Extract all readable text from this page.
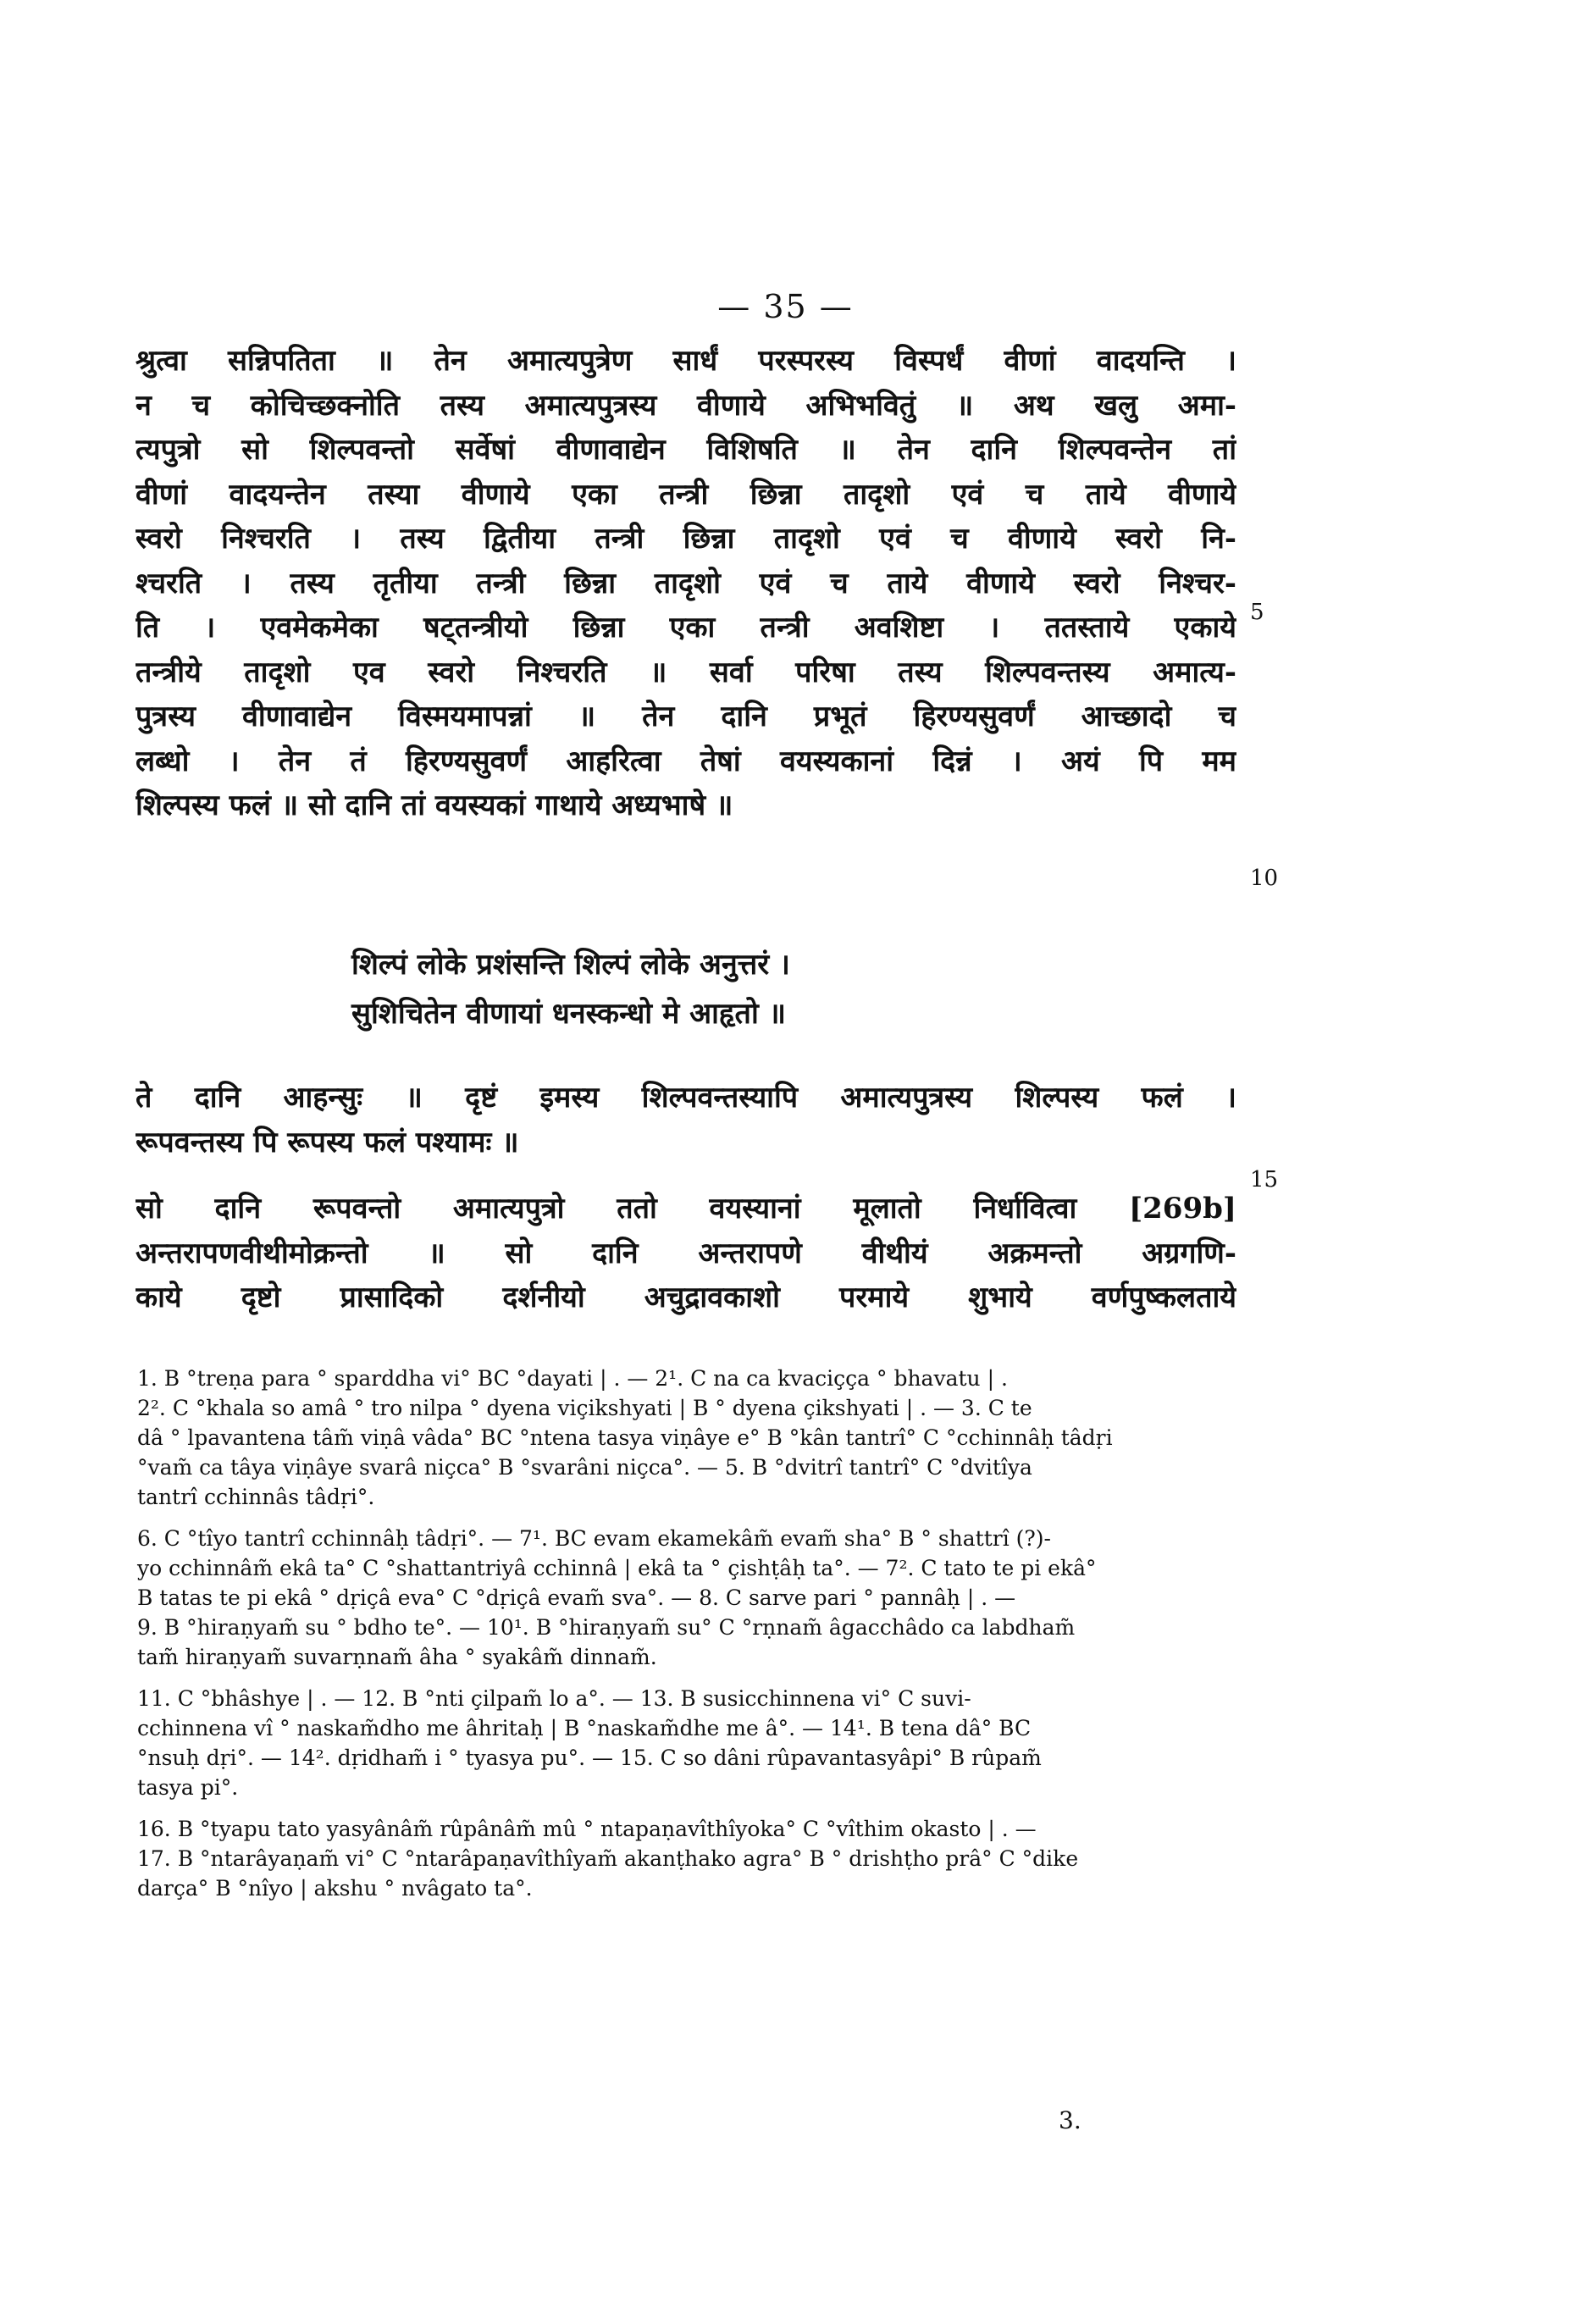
— 35 —
श्रुत्वा सन्निपतिता ॥ तेन अमात्यपुत्रेण सार्धं परस्परस्य विस्पर्धं वीणां वादयन्ति ।
न च कोचिच्छक्नोति तस्य अमात्यपुत्रस्य वीणाये अभिभवितुं ॥ अथ खलु अमा-
त्यपुत्रो सो शिल्पवन्तो सर्वेषां वीणावाद्येन विशिषति ॥ तेन दानि शिल्पवन्तेन तां
वीणां वादयन्तेन तस्या वीणाये एका तन्त्री छिन्ना तादृशो एवं च ताये वीणाये
स्वरो निश्चरति । तस्य द्वितीया तन्त्री छिन्ना तादृशो एवं च वीणाये स्वरो नि-
श्चरति । तस्य तृतीया तन्त्री छिन्ना तादृशो एवं च ताये वीणाये स्वरो निश्चर-
ति । एवमेकमेका षट्तन्त्रीयो छिन्ना एका तन्त्री अवशिष्टा । ततस्ताये एकाये
तन्त्रीये तादृशो एव स्वरो निश्चरति ॥ सर्वा परिषा तस्य शिल्पवन्तस्य अमात्य-
पुत्रस्य वीणावाद्येन विस्मयमापन्नां ॥ तेन दानि प्रभूतं हिरण्यसुवर्णं आच्छादो च
लब्धो । तेन तं हिरण्यसुवर्णं आहरित्वा तेषां वयस्यकानां दिन्नं । अयं पि मम
शिल्पस्य फलं ॥ सो दानि तां वयस्यकां गाथाये अध्यभाषे ॥
5
10
15
शिल्पं लोके प्रशंसन्ति शिल्पं लोके अनुत्तरं ।
सुशिचितेन वीणायां धनस्कन्धो मे आहृतो ॥
ते दानि आहन्सुः ॥ दृष्टं इमस्य शिल्पवन्तस्यापि अमात्यपुत्रस्य शिल्पस्य फलं ।
रूपवन्तस्य पि रूपस्य फलं पश्यामः ॥
सो दानि रूपवन्तो अमात्यपुत्रो ततो वयस्यानां मूलातो निर्धावित्वा [269b]
अन्तरापणवीथीमोक्रन्तो ॥ सो दानि अन्तरापणे वीथीयं अक्रमन्तो अग्रगणि-
काये दृष्टो प्रासादिको दर्शनीयो अचुद्रावकाशो परमाये शुभाये वर्णपुष्कलताये
1. B °treṇa para ° sparddha vi° BC °dayati | . — 2¹. C na ca kvaciçça ° bhavatu | .
2². C °khala so amâ ° tro nilpa ° dyena viçikshyati | B ° dyena çikshyati | . — 3. C te
dâ ° lpavantena tâm̃ viṇâ vâda° BC °ntena tasya viṇâye e° B °kân tantrî° C °cchinnâḥ tâdṛi
°vam̃ ca tâya viṇâye svarâ niçca° B °svarâni niçca°. — 5. B °dvitrî tantrî° C °dvitîya
tantrî cchinnâs tâdṛi°.
6. C °tîyo tantrî cchinnâḥ tâdṛi°. — 7¹. BC evam ekamekâm̃ evam̃ sha° B ° shattrî (?)-
yo cchinnâm̃ ekâ ta° C °shattantriyâ cchinnâ | ekâ ta ° çishṭâḥ ta°. — 7². C tato te pi ekâ°
B tatas te pi ekâ ° dṛiçâ eva° C °dṛiçâ evam̃ sva°. — 8. C sarve pari ° pannâḥ | . —
9. B °hiraṇyam̃ su ° bdho te°. — 10¹. B °hiraṇyam̃ su° C °rṇnam̃ âgacchâdo ca labdham̃
tam̃ hiraṇyam̃ suvarṇnam̃ âha ° syakâm̃ dinnam̃.
11. C °bhâshye | . — 12. B °nti çilpam̃ lo a°. — 13. B susicchinnena vi° C suvi-
cchinnena vî ° naskam̃dho me âhritaḥ | B °naskam̃dhe me â°. — 14¹. B tena dâ° BC
°nsuḥ dṛi°. — 14². dṛidham̃ i ° tyasya pu°. — 15. C so dâni rûpavantasyâpi° B rûpam̃
tasya pi°.
16. B °tyapu tato yasyânâm̃ rûpânâm̃ mû ° ntapaṇavîthîyoka° C °vîthim okasto | . —
17. B °ntarâyaṇam̃ vi° C °ntarâpaṇavîthîyam̃ akanṭhako agra° B ° drishṭho prâ° C °dike
darça° B °nîyo | akshu ° nvâgato ta°.
3.
